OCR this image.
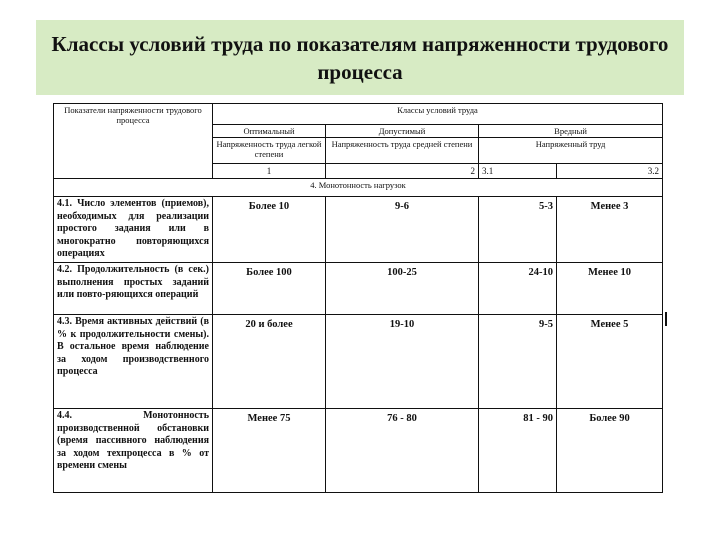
Классы условий труда по показателям напряженности трудового процесса
Показатели напряженности трудового процесса	Классы условий труда			
	Оптимальный	Допустимый	Вредный	
	Напряженность труда легкой степени	Напряженность труда средней степени	Напряженный труд	
	1	2	3.1	3.2
4. Монотонность нагрузок				
4.1. Число элементов (приемов), необходимых для реализации простого задания или в многократно повторяющихся операциях	Более 10	9-6	5-3	Менее 3
4.2. Продолжительность (в сек.) выполнения простых заданий или повто-ряющихся операций	Более 100	100-25	24-10	Менее 10
4.3. Время активных действий (в % к продолжительности смены). В остальное время наблюдение за ходом производственного процесса	20 и более	19-10	9-5	Менее 5
4.4. Монотонность производственной обстановки (время пассивного наблюдения за ходом техпроцесса в % от времени смены	Менее 75	76 - 80	81 - 90	Более 90
